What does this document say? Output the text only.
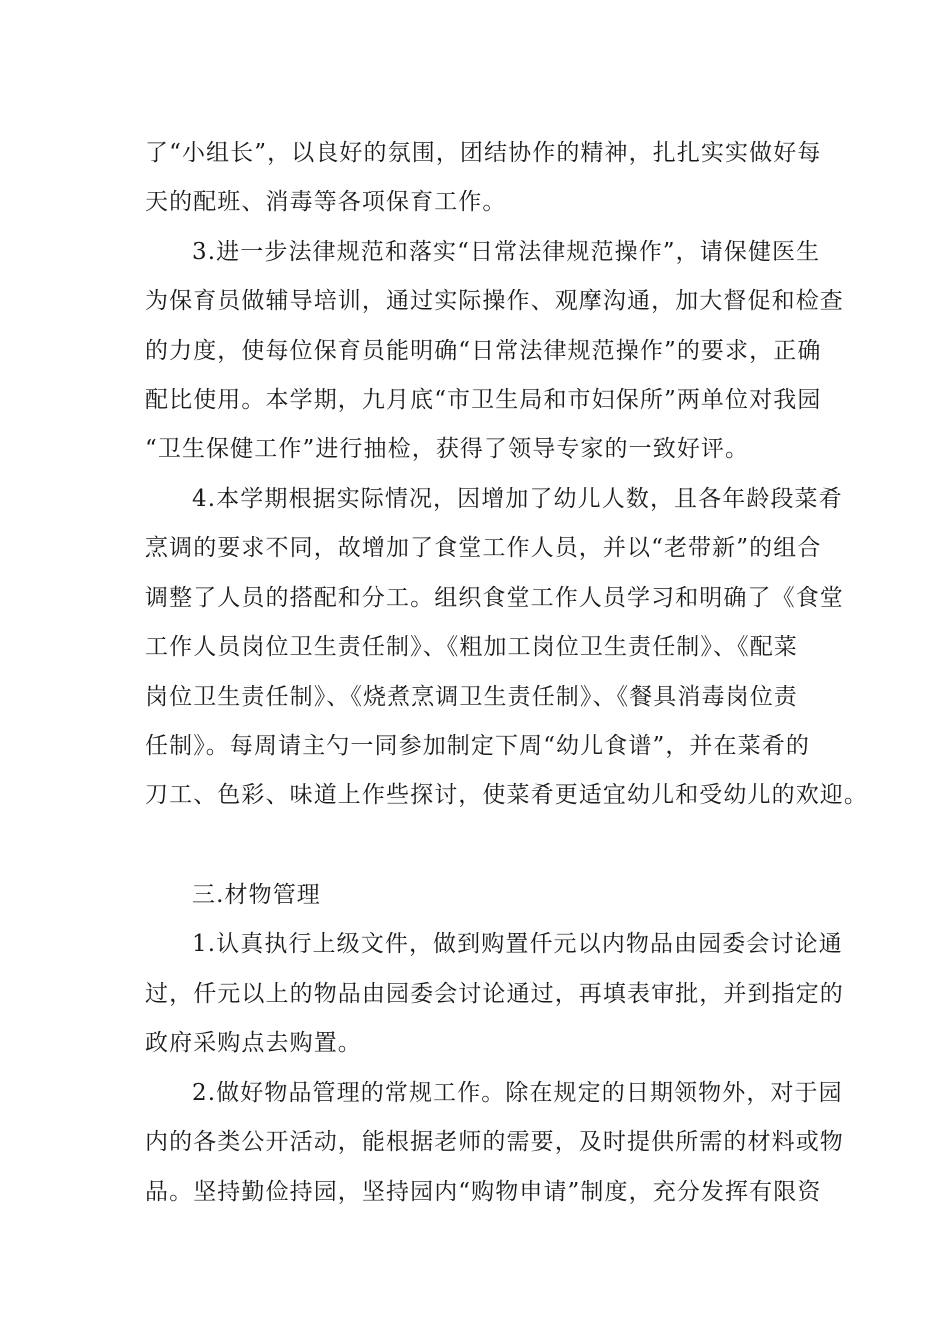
了“小组长”，以良好的氛围，团结协作的精神，扎扎实实做好每
天的配班、消毒等各项保育工作。
3.进一步法律规范和落实“日常法律规范操作”，请保健医生
为保育员做辅导培训，通过实际操作、观摩沟通，加大督促和检查
的力度，使每位保育员能明确“日常法律规范操作”的要求，正确
配比使用。本学期，九月底“市卫生局和市妇保所”两单位对我园
“卫生保健工作”进行抽检，获得了领导专家的一致好评。
4.本学期根据实际情况，因增加了幼儿人数，且各年龄段菜肴
烹调的要求不同，故增加了食堂工作人员，并以“老带新”的组合
调整了人员的搭配和分工。组织食堂工作人员学习和明确了《食堂
工作人员岗位卫生责任制》、《粗加工岗位卫生责任制》、《配菜
岗位卫生责任制》、《烧煮烹调卫生责任制》、《餐具消毒岗位责
任制》。每周请主勺一同参加制定下周“幼儿食谱”，并在菜肴的
刀工、色彩、味道上作些探讨，使菜肴更适宜幼儿和受幼儿的欢迎。
三.材物管理
1.认真执行上级文件，做到购置仟元以内物品由园委会讨论通
过，仟元以上的物品由园委会讨论通过，再填表审批，并到指定的
政府采购点去购置。
2.做好物品管理的常规工作。除在规定的日期领物外，对于园
内的各类公开活动，能根据老师的需要，及时提供所需的材料或物
品。坚持勤俭持园，坚持园内“购物申请”制度，充分发挥有限资
